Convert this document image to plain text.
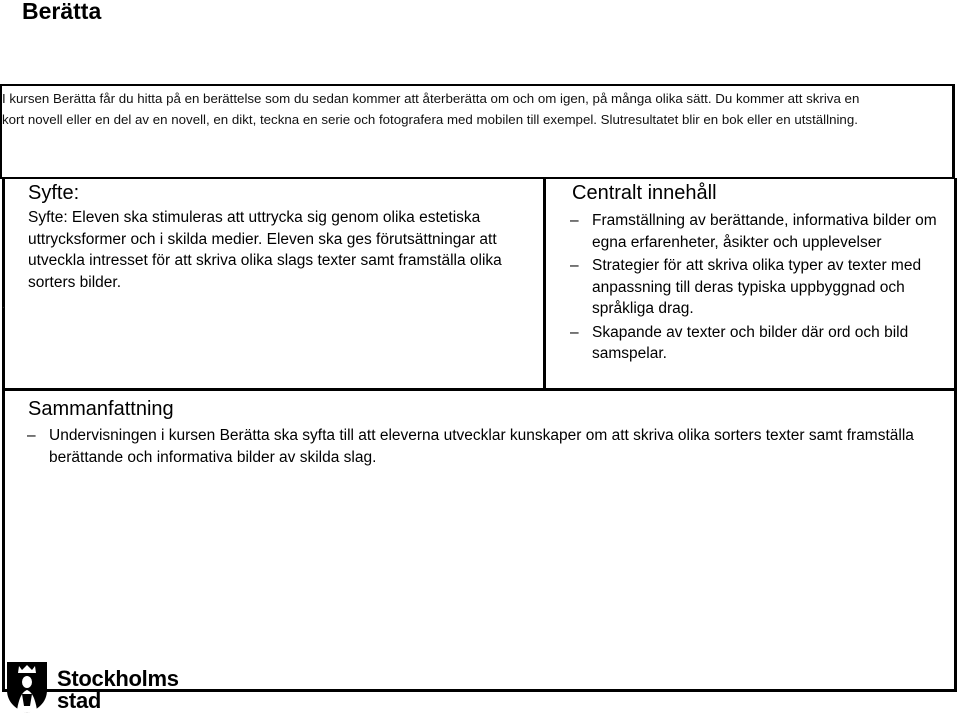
Berätta
I kursen Berätta får du hitta på en berättelse som du sedan kommer att återberätta om och om igen, på många olika sätt. Du kommer att skriva en
kort novell eller en del av en novell, en dikt, teckna en serie och fotografera med mobilen till exempel. Slutresultatet blir en bok eller en utställning.
Syfte:

Syfte: Eleven ska stimuleras att uttrycka sig genom olika estetiska uttrycksformer och i skilda medier. Eleven ska ges förutsättningar att utveckla intresset för att skriva olika slags texter samt framställa olika sorters bilder.

.
Centralt innehåll
– Framställning av berättande, informativa bilder om egna erfarenheter, åsikter och upplevelser
– Strategier för att skriva olika typer av texter med anpassning till deras typiska uppbyggnad och språkliga drag.
– Skapande av texter och bilder där ord och bild samspelar.
Sammanfattning
– Undervisningen i kursen Berätta ska syfta till att eleverna utvecklar kunskaper om att skriva olika sorters texter samt framställa berättande och informativa bilder av skilda slag.
Stockholms
stad
